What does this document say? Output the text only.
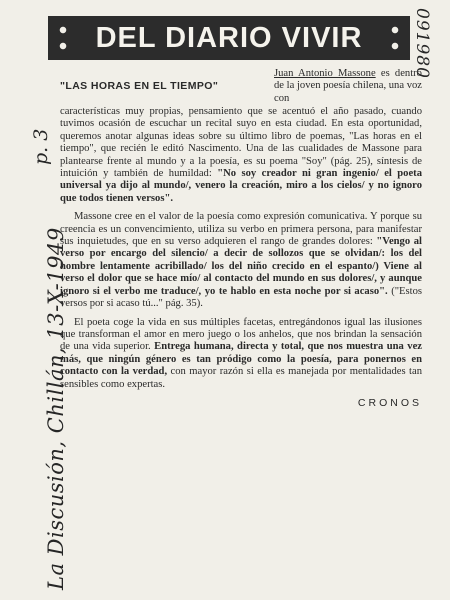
DEL DIARIO VIVIR
La Discusión, Chillán, 13-X-1949
p. 3
091980
"LAS HORAS EN EL TIEMPO"
Juan Antonio Massone es dentro de la joven poesía chilena, una voz con

características muy propias, pensamiento que se acentuó el año pasado, cuando tuvimos ocasión de escuchar un recital suyo en esta ciudad. En esta oportunidad, queremos anotar algunas ideas sobre su último libro de poemas, "Las horas en el tiempo", que recién le editó Nascimento. Una de las cualidades de Massone para plantearse frente al mundo y a la poesía, es su poema "Soy" (pág. 25), síntesis de intuición y también de humildad: "No soy creador ni gran ingenio/ el poeta universal ya dijo al mundo/, venero la creación, miro a los cielos/ y no ignoro que todos tienen versos".

Massone cree en el valor de la poesía como expresión comunicativa. Y porque su creencia es un convencimiento, utiliza su verbo en primera persona, para manifestar sus inquietudes, que en su verso adquieren el rango de grandes dolores: "Vengo al verso por encargo del silencio/ a decir de sollozos que se olvidan/: los del hombre lentamente acribillado/ los del niño crecido en el espanto/) Viene al verso el dolor que se hace mío/ al contacto del mundo en sus dolores/, y aunque ignoro si el verbo me traduce/, yo te hablo en esta noche por si acaso". ("Estos versos por si acaso tú..." pág. 35).

El poeta coge la vida en sus múltiples facetas, entregándonos igual las ilusiones que transforman el amor en mero juego o los anhelos, que nos brindan la sensación de una vida superior. Entrega humana, directa y total, que nos muestra una vez más, que ningún género es tan pródigo como la poesía, para ponernos en contacto con la verdad, con mayor razón si ella es manejada por mentalidades tan sensibles como expertas.

CRONOS
